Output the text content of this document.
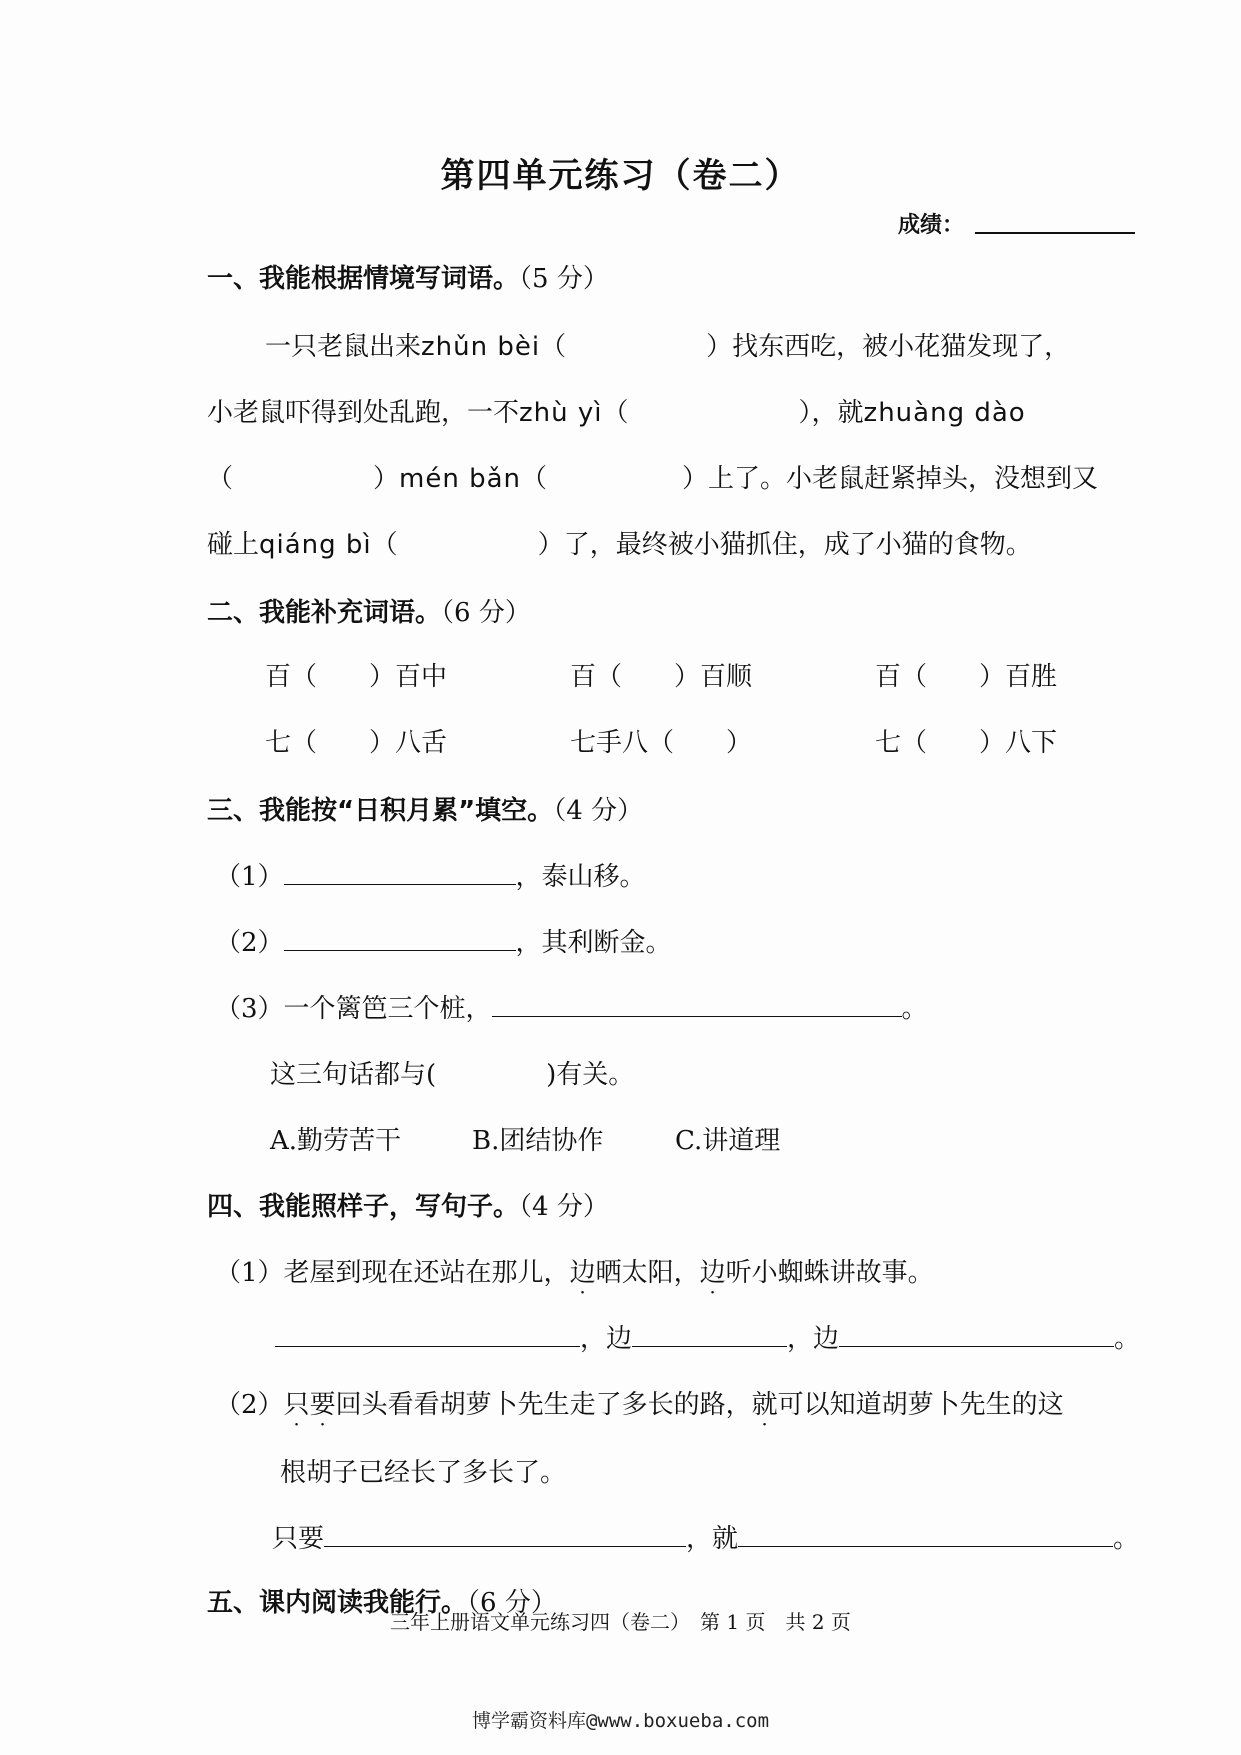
第四单元练习（卷二）
成绩：
一、我能根据情境写词语。（5 分）
一只老鼠出来zhǔn bèi（	）找东西吃，被小花猫发现了，
小老鼠吓得到处乱跑，一不zhù yì（	），就zhuàng dào
（	）mén bǎn（	）上了。小老鼠赶紧掉头，没想到又
碰上qiáng bì（	）了，最终被小猫抓住，成了小猫的食物。
二、我能补充词语。（6 分）
百（　　）百中	百（　　）百顺	百（　　）百胜
七（　　）八舌	七手八（　　）	七（　　）八下
三、我能按“日积月累”填空。（4 分）
（1）	，泰山移。
（2）	，其利断金。
（3）一个篱笆三个桩，	。
这三句话都与(	)有关。
A.勤劳苦干	B.团结协作	C.讲道理
四、我能照样子，写句子。（4 分）
（1）老屋到现在还站在那儿，边晒太阳，边听小蜘蛛讲故事。
，边	，边	。
（2）只要回头看看胡萝卜先生走了多长的路，就可以知道胡萝卜先生的这
根胡子已经长了多长了。
只要	，就	。
五、课内阅读我能行。（6 分）
三年上册语文单元练习四（卷二）　第 1 页　共 2 页
博学霸资料库@www.boxueba.com
